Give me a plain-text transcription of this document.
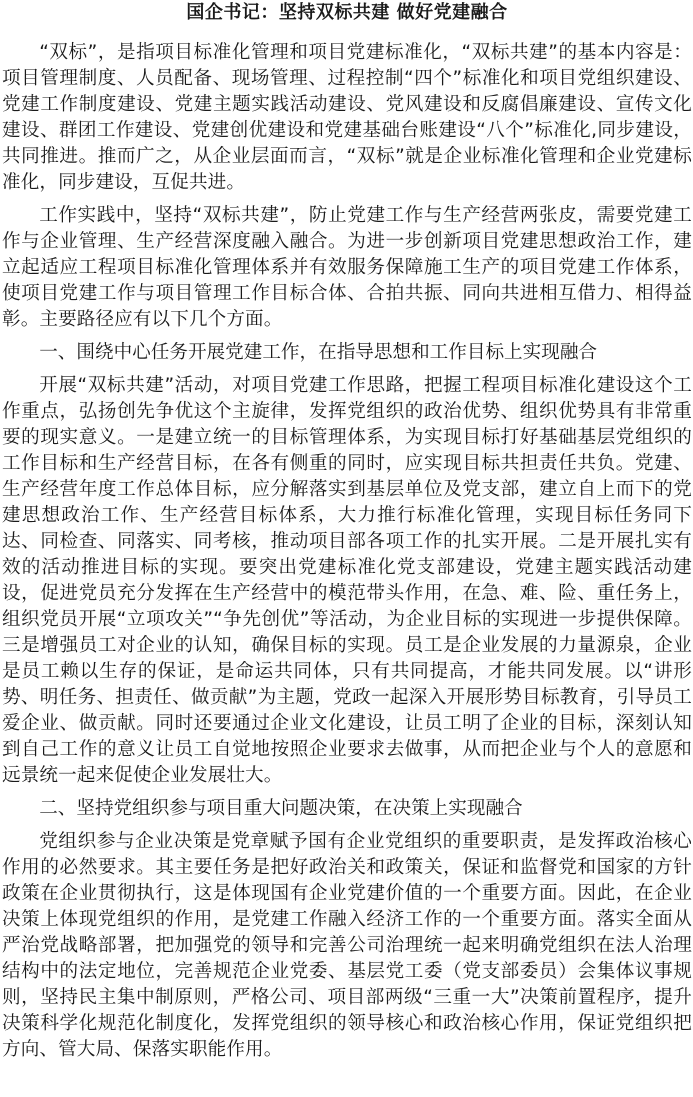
国企书记：坚持双标共建 做好党建融合

“双标”，是指项目标准化管理和项目党建标准化，“双标共建”的基本内容是：项目管理制度、人员配备、现场管理、过程控制“四个”标准化和项目党组织建设、党建工作制度建设、党建主题实践活动建设、党风建设和反腐倡廉建设、宣传文化建设、群团工作建设、党建创优建设和党建基础台账建设“八个”标准化,同步建设，共同推进。推而广之，从企业层面而言，“双标”就是企业标准化管理和企业党建标准化，同步建设，互促共进。

工作实践中，坚持“双标共建”，防止党建工作与生产经营两张皮，需要党建工作与企业管理、生产经营深度融入融合。为进一步创新项目党建思想政治工作，建立起适应工程项目标准化管理体系并有效服务保障施工生产的项目党建工作体系，使项目党建工作与项目管理工作目标合体、合拍共振、同向共进相互借力、相得益彰。主要路径应有以下几个方面。

一、围绕中心任务开展党建工作，在指导思想和工作目标上实现融合

开展“双标共建”活动，对项目党建工作思路，把握工程项目标准化建设这个工作重点，弘扬创先争优这个主旋律，发挥党组织的政治优势、组织优势具有非常重要的现实意义。一是建立统一的目标管理体系，为实现目标打好基础基层党组织的工作目标和生产经营目标，在各有侧重的同时，应实现目标共担责任共负。党建、生产经营年度工作总体目标，应分解落实到基层单位及党支部，建立自上而下的党建思想政治工作、生产经营目标体系，大力推行标准化管理，实现目标任务同下达、同检查、同落实、同考核，推动项目部各项工作的扎实开展。二是开展扎实有效的活动推进目标的实现。要突出党建标准化党支部建设，党建主题实践活动建设，促进党员充分发挥在生产经营中的模范带头作用，在急、难、险、重任务上，组织党员开展“立项攻关”“争先创优”等活动，为企业目标的实现进一步提供保障。三是增强员工对企业的认知，确保目标的实现。员工是企业发展的力量源泉，企业是员工赖以生存的保证，是命运共同体，只有共同提高，才能共同发展。以“讲形势、明任务、担责任、做贡献”为主题，党政一起深入开展形势目标教育，引导员工爱企业、做贡献。同时还要通过企业文化建设，让员工明了企业的目标，深刻认知到自己工作的意义让员工自觉地按照企业要求去做事，从而把企业与个人的意愿和远景统一起来促使企业发展壮大。

二、坚持党组织参与项目重大问题决策，在决策上实现融合

党组织参与企业决策是党章赋予国有企业党组织的重要职责，是发挥政治核心作用的必然要求。其主要任务是把好政治关和政策关，保证和监督党和国家的方针政策在企业贯彻执行，这是体现国有企业党建价值的一个重要方面。因此，在企业决策上体现党组织的作用，是党建工作融入经济工作的一个重要方面。落实全面从严治党战略部署，把加强党的领导和完善公司治理统一起来明确党组织在法人治理结构中的法定地位，完善规范企业党委、基层党工委（党支部委员）会集体议事规则，坚持民主集中制原则，严格公司、项目部两级“三重一大”决策前置程序，提升决策科学化规范化制度化，发挥党组织的领导核心和政治核心作用，保证党组织把方向、管大局、保落实职能作用。
